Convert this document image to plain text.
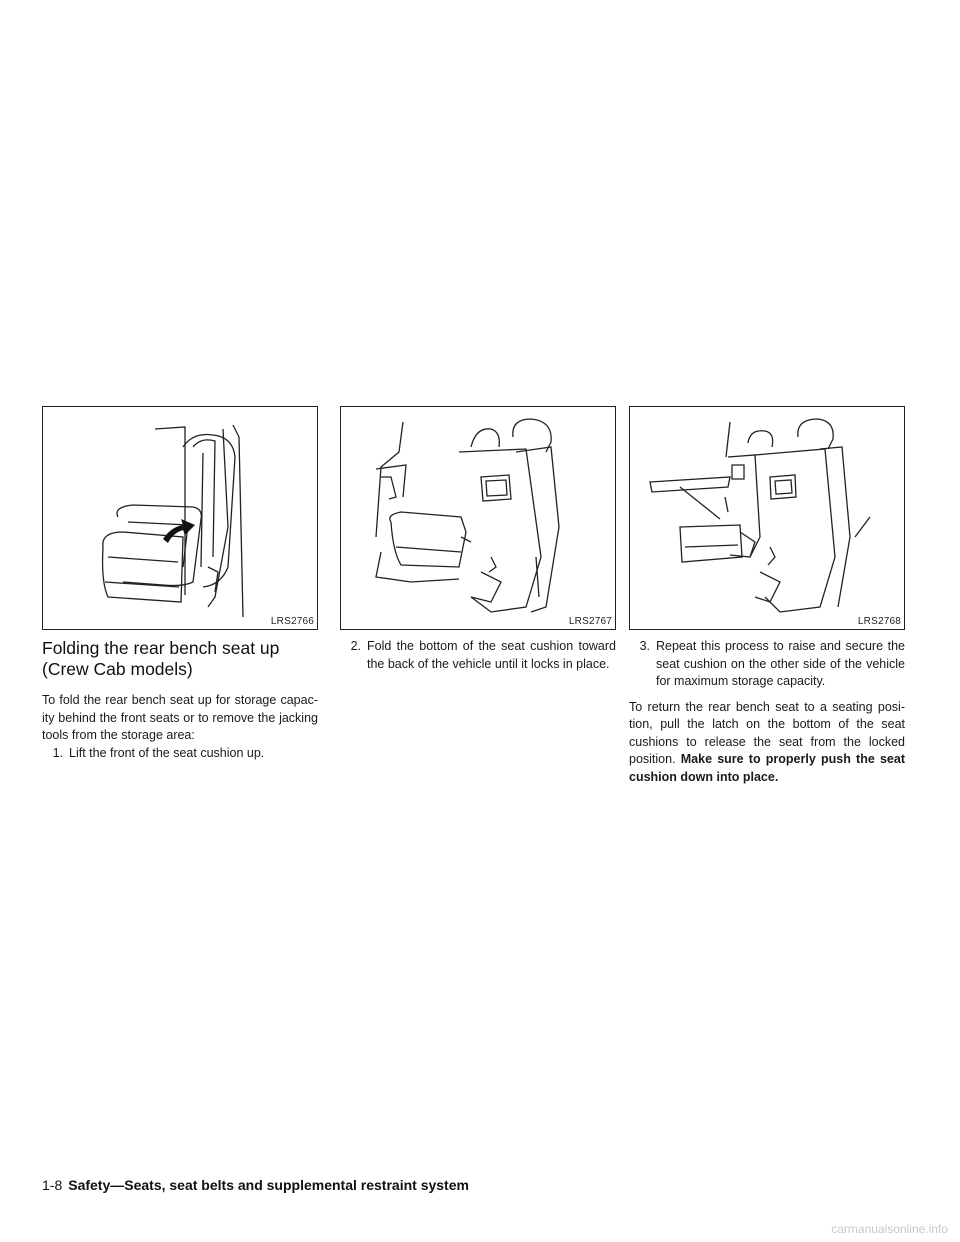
LRS2766	LRS2767	LRS2768
Folding the rear bench seat up (Crew Cab models)

To fold the rear bench seat up for storage capac- ity behind the front seats or to remove the jacking tools from the storage area:

1. Lift the front of the seat cushion up.
2. Fold the bottom of the seat cushion toward the back of the vehicle until it locks in place.
3. Repeat this process to raise and secure the seat cushion on the other side of the vehicle for maximum storage capacity.

To return the rear bench seat to a seating posi- tion, pull the latch on the bottom of the seat cushions to release the seat from the locked position. Make sure to properly push the seat cushion down into place.

1-8 Safety—Seats, seat belts and supplemental restraint system
carmanualsonline.info
